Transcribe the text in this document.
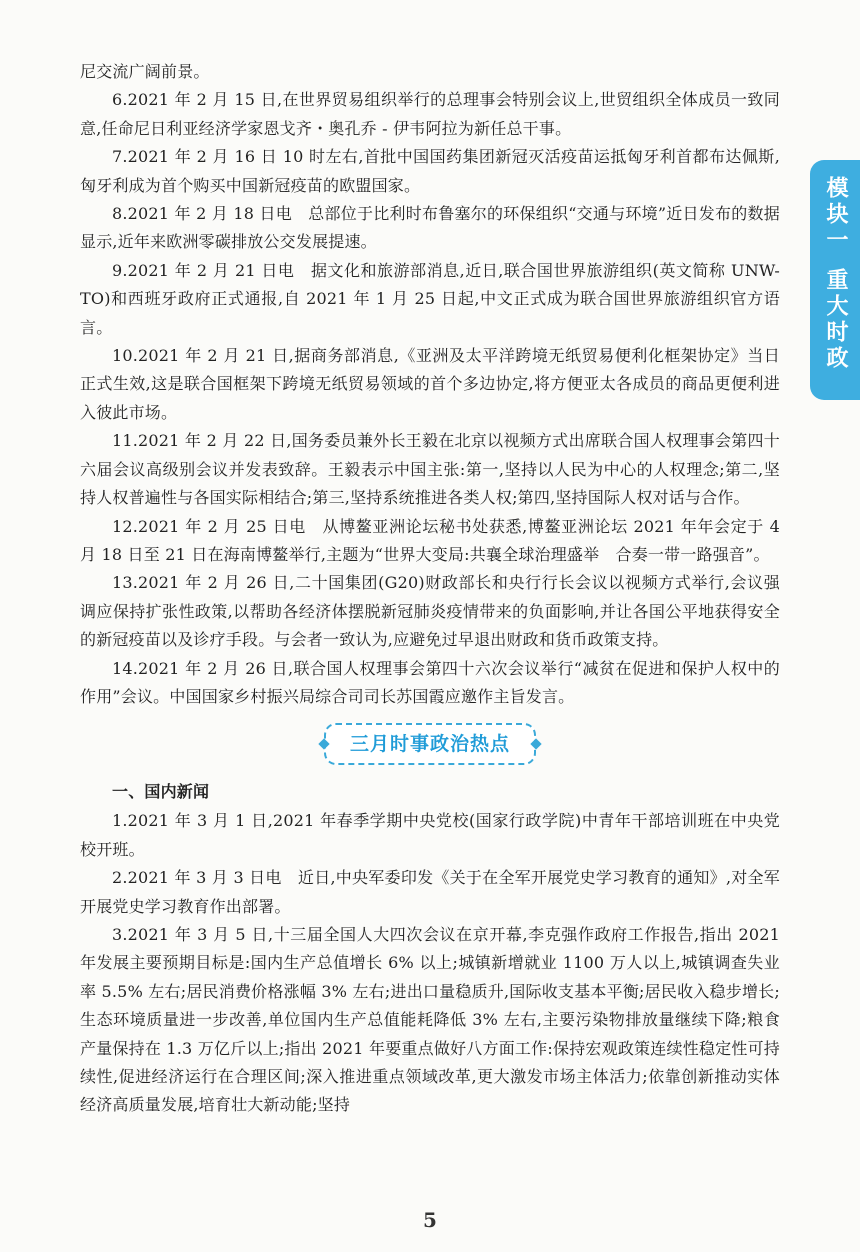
尼交流广阔前景。

6.2021 年 2 月 15 日,在世界贸易组织举行的总理事会特别会议上,世贸组织全体成员一致同意,任命尼日利亚经济学家恩戈齐・奥孔乔 - 伊韦阿拉为新任总干事。

7.2021 年 2 月 16 日 10 时左右,首批中国国药集团新冠灭活疫苗运抵匈牙利首都布达佩斯,匈牙利成为首个购买中国新冠疫苗的欧盟国家。

8.2021 年 2 月 18 日电　总部位于比利时布鲁塞尔的环保组织“交通与环境”近日发布的数据显示,近年来欧洲零碳排放公交发展提速。

9.2021 年 2 月 21 日电　据文化和旅游部消息,近日,联合国世界旅游组织(英文简称 UNW-TO)和西班牙政府正式通报,自 2021 年 1 月 25 日起,中文正式成为联合国世界旅游组织官方语言。

10.2021 年 2 月 21 日,据商务部消息,《亚洲及太平洋跨境无纸贸易便利化框架协定》当日正式生效,这是联合国框架下跨境无纸贸易领域的首个多边协定,将方便亚太各成员的商品更便利进入彼此市场。

11.2021 年 2 月 22 日,国务委员兼外长王毅在北京以视频方式出席联合国人权理事会第四十六届会议高级别会议并发表致辞。王毅表示中国主张:第一,坚持以人民为中心的人权理念;第二,坚持人权普遍性与各国实际相结合;第三,坚持系统推进各类人权;第四,坚持国际人权对话与合作。

12.2021 年 2 月 25 日电　从博鳌亚洲论坛秘书处获悉,博鳌亚洲论坛 2021 年年会定于 4 月 18 日至 21 日在海南博鳌举行,主题为“世界大变局:共襄全球治理盛举　合奏一带一路强音”。

13.2021 年 2 月 26 日,二十国集团(G20)财政部长和央行行长会议以视频方式举行,会议强调应保持扩张性政策,以帮助各经济体摆脱新冠肺炎疫情带来的负面影响,并让各国公平地获得安全的新冠疫苗以及诊疗手段。与会者一致认为,应避免过早退出财政和货币政策支持。

14.2021 年 2 月 26 日,联合国人权理事会第四十六次会议举行“减贫在促进和保护人权中的作用”会议。中国国家乡村振兴局综合司司长苏国霞应邀作主旨发言。

三月时事政治热点

一、国内新闻

1.2021 年 3 月 1 日,2021 年春季学期中央党校(国家行政学院)中青年干部培训班在中央党校开班。

2.2021 年 3 月 3 日电　近日,中央军委印发《关于在全军开展党史学习教育的通知》,对全军开展党史学习教育作出部署。

3.2021 年 3 月 5 日,十三届全国人大四次会议在京开幕,李克强作政府工作报告,指出 2021 年发展主要预期目标是:国内生产总值增长 6% 以上;城镇新增就业 1100 万人以上,城镇调查失业率 5.5% 左右;居民消费价格涨幅 3% 左右;进出口量稳质升,国际收支基本平衡;居民收入稳步增长;生态环境质量进一步改善,单位国内生产总值能耗降低 3% 左右,主要污染物排放量继续下降;粮食产量保持在 1.3 万亿斤以上;指出 2021 年要重点做好八方面工作:保持宏观政策连续性稳定性可持续性,促进经济运行在合理区间;深入推进重点领域改革,更大激发市场主体活力;依靠创新推动实体经济高质量发展,培育壮大新动能;坚持

模块一
重大时政
5
